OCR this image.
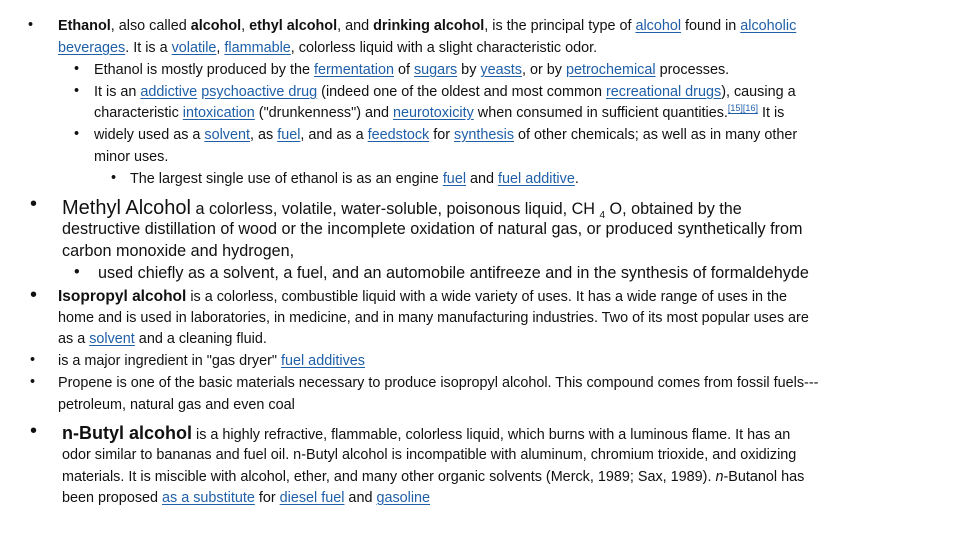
• Ethanol, also called alcohol, ethyl alcohol, and drinking alcohol, is the principal type of alcohol found in alcoholic

beverages. It is a volatile, flammable, colorless liquid with a slight characteristic odor.

• Ethanol is mostly produced by the fermentation of sugars by yeasts, or by petrochemical processes.

• It is an addictive psychoactive drug (indeed one of the oldest and most common recreational drugs), causing a

characteristic intoxication ("drunkenness") and neurotoxicity when consumed in sufficient quantities.[15][16] It is

• widely used as a solvent, as fuel, and as a feedstock for synthesis of other chemicals; as well as in many other

minor uses.

• The largest single use of ethanol is as an engine fuel and fuel additive.

• Methyl Alcohol a colorless, volatile, water-soluble, poisonous liquid, CH $_4$ O, obtained by the

destructive distillation of wood or the incomplete oxidation of natural gas, or produced synthetically from

carbon monoxide and hydrogen,

• used chiefly as a solvent, a fuel, and an automobile antifreeze and in the synthesis of formaldehyde

• Isopropyl alcohol is a colorless, combustible liquid with a wide variety of uses. It has a wide range of uses in the

home and is used in laboratories, in medicine, and in many manufacturing industries. Two of its most popular uses are

as a solvent and a cleaning fluid.

• is a major ingredient in "gas dryer" fuel additives

• Propene is one of the basic materials necessary to produce isopropyl alcohol. This compound comes from fossil fuels---

petroleum, natural gas and even coal

• n-Butyl alcohol is a highly refractive, flammable, colorless liquid, which burns with a luminous flame. It has an

odor similar to bananas and fuel oil. n-Butyl alcohol is incompatible with aluminum, chromium trioxide, and oxidizing

materials. It is miscible with alcohol, ether, and many other organic solvents (Merck, 1989; Sax, 1989). n-Butanol has

been proposed as a substitute for diesel fuel and gasoline
